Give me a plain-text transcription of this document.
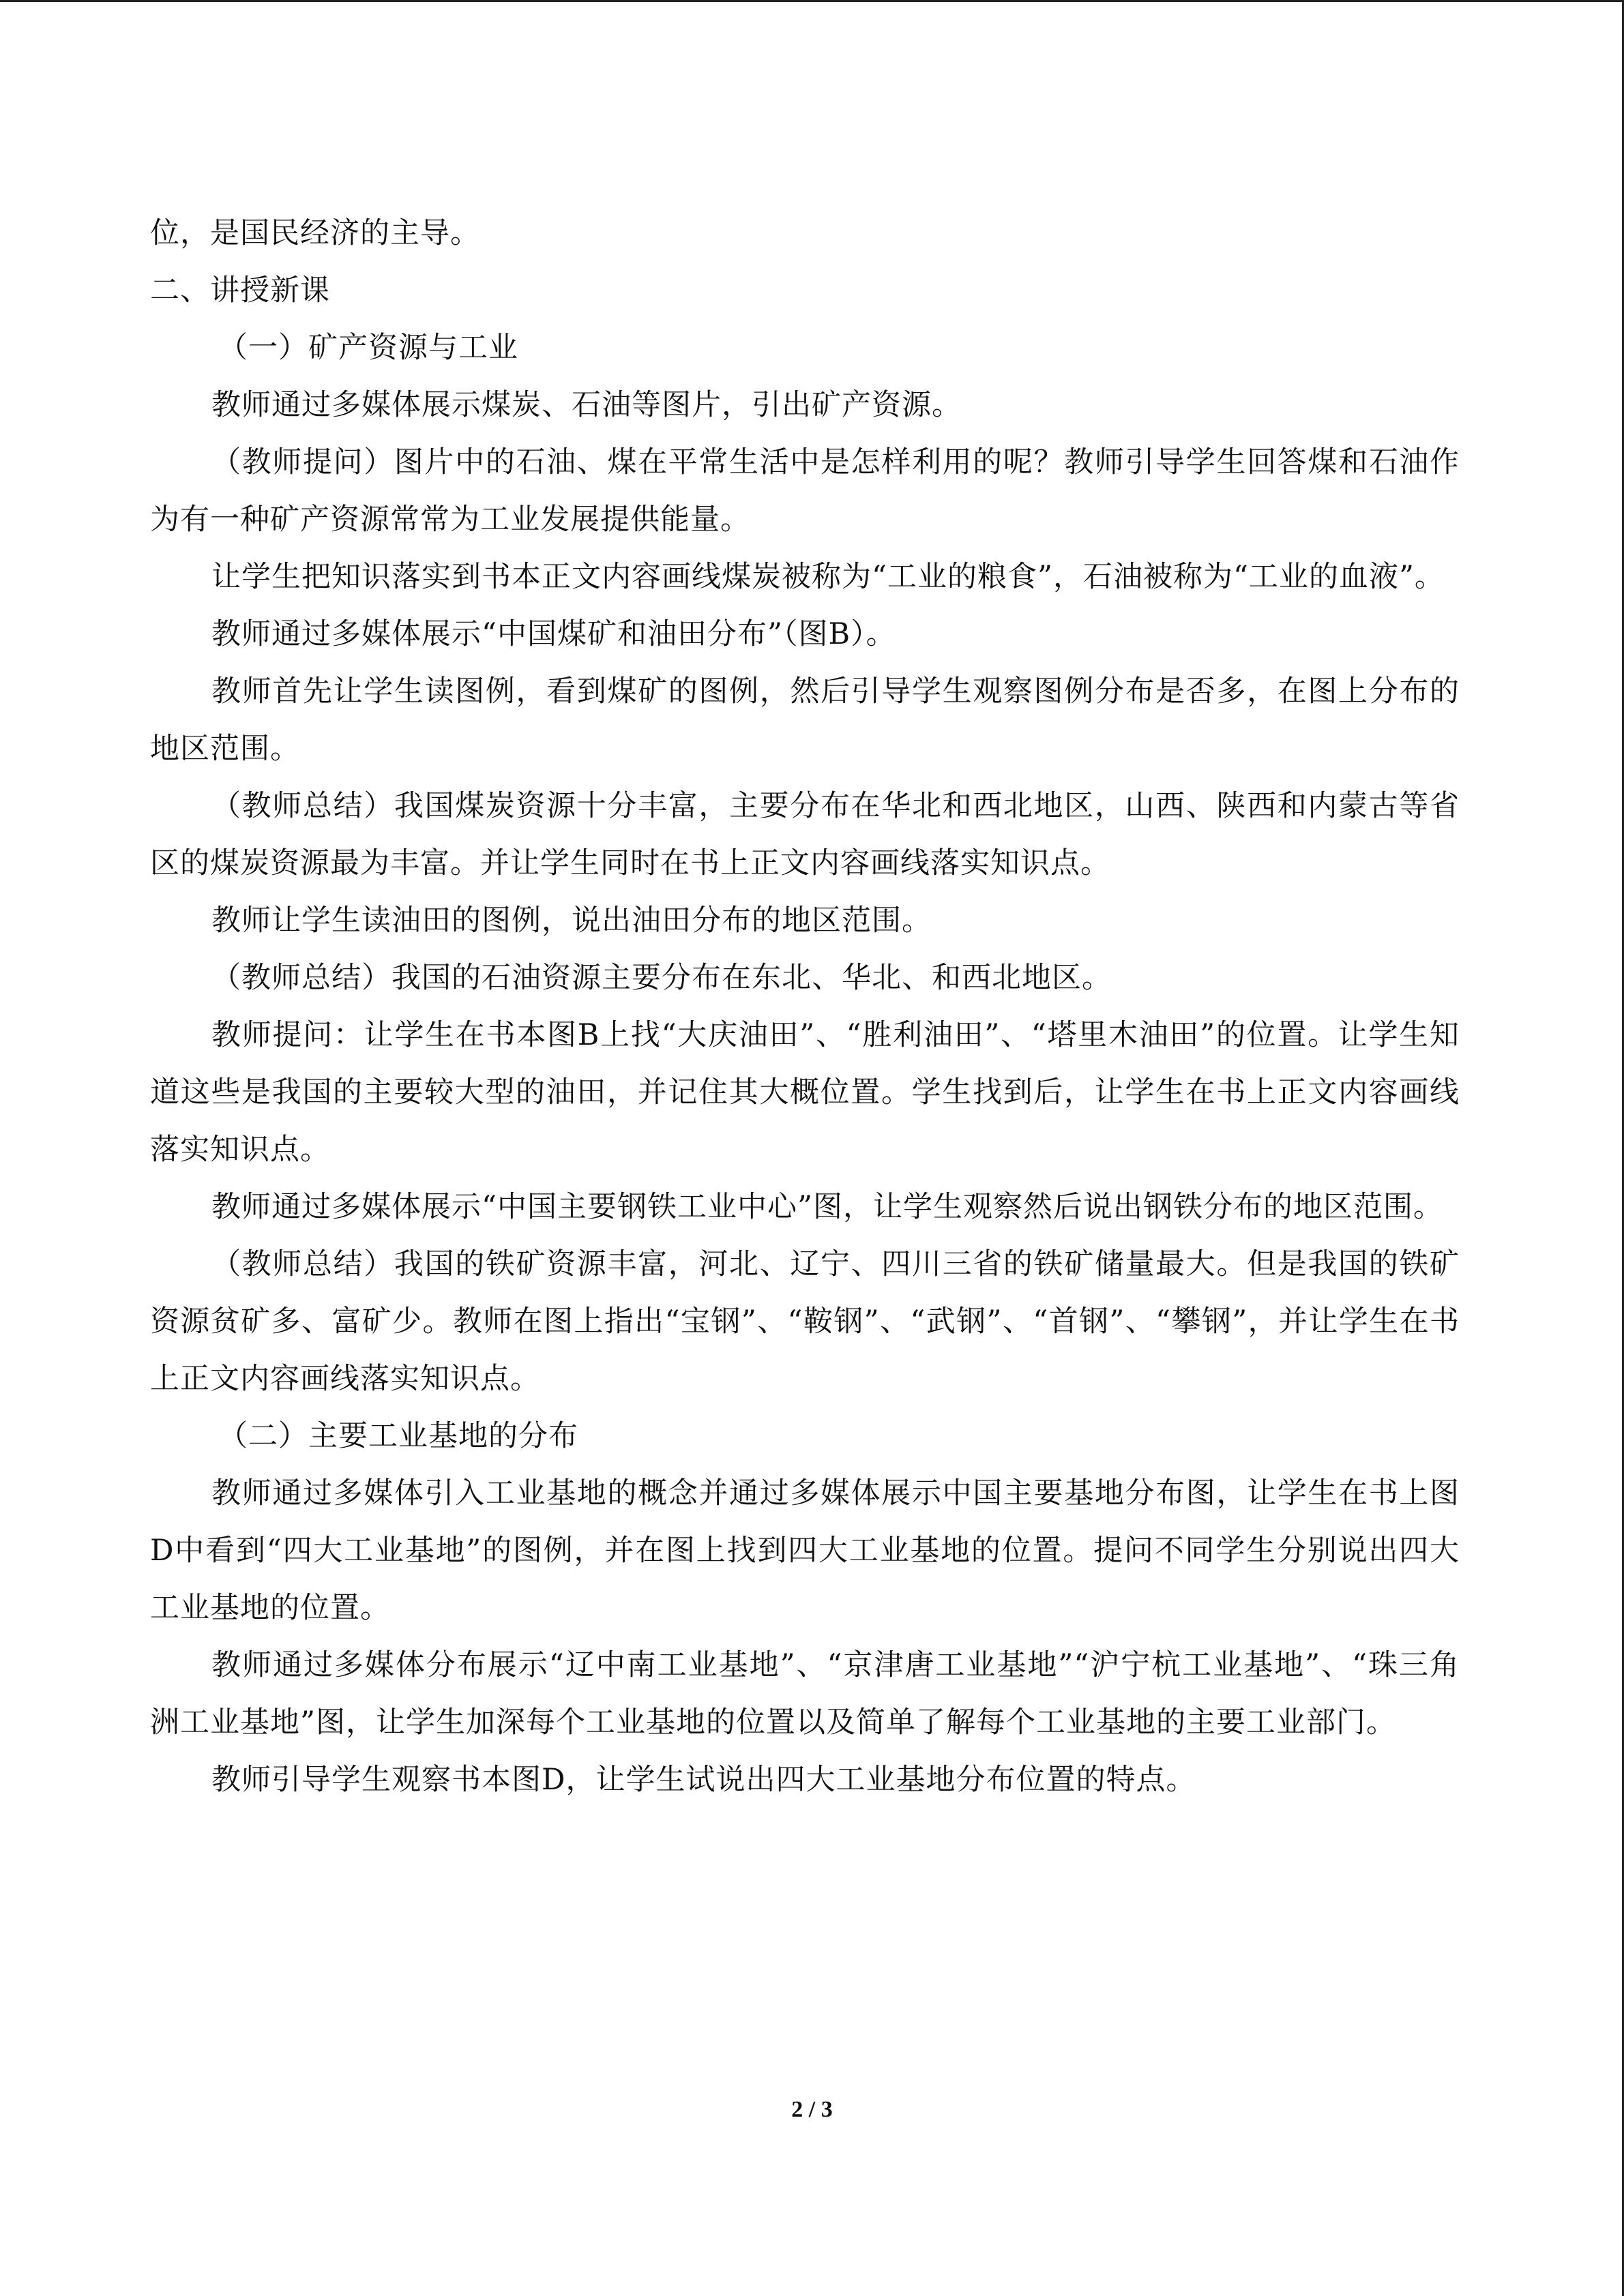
位，是国民经济的主导。

二、讲授新课

（一）矿产资源与工业

教师通过多媒体展示煤炭、石油等图片，引出矿产资源。

（教师提问）图片中的石油、煤在平常生活中是怎样利用的呢？教师引导学生回答煤和石油作为有一种矿产资源常常为工业发展提供能量。

让学生把知识落实到书本正文内容画线煤炭被称为“工业的粮食”，石油被称为“工业的血液”。

教师通过多媒体展示“中国煤矿和油田分布”（图B）。

教师首先让学生读图例，看到煤矿的图例，然后引导学生观察图例分布是否多，在图上分布的地区范围。

（教师总结）我国煤炭资源十分丰富，主要分布在华北和西北地区，山西、陕西和内蒙古等省区的煤炭资源最为丰富。并让学生同时在书上正文内容画线落实知识点。

教师让学生读油田的图例，说出油田分布的地区范围。

（教师总结）我国的石油资源主要分布在东北、华北、和西北地区。

教师提问：让学生在书本图B上找“大庆油田”、“胜利油田”、“塔里木油田”的位置。让学生知道这些是我国的主要较大型的油田，并记住其大概位置。学生找到后，让学生在书上正文内容画线落实知识点。

教师通过多媒体展示“中国主要钢铁工业中心”图，让学生观察然后说出钢铁分布的地区范围。

（教师总结）我国的铁矿资源丰富，河北、辽宁、四川三省的铁矿储量最大。但是我国的铁矿资源贫矿多、富矿少。教师在图上指出“宝钢”、“鞍钢”、“武钢”、“首钢”、“攀钢”，并让学生在书上正文内容画线落实知识点。

（二）主要工业基地的分布

教师通过多媒体引入工业基地的概念并通过多媒体展示中国主要基地分布图，让学生在书上图D中看到“四大工业基地”的图例，并在图上找到四大工业基地的位置。提问不同学生分别说出四大工业基地的位置。

教师通过多媒体分布展示“辽中南工业基地”、“京津唐工业基地”“沪宁杭工业基地”、“珠三角洲工业基地”图，让学生加深每个工业基地的位置以及简单了解每个工业基地的主要工业部门。

教师引导学生观察书本图D，让学生试说出四大工业基地分布位置的特点。

2 / 3
